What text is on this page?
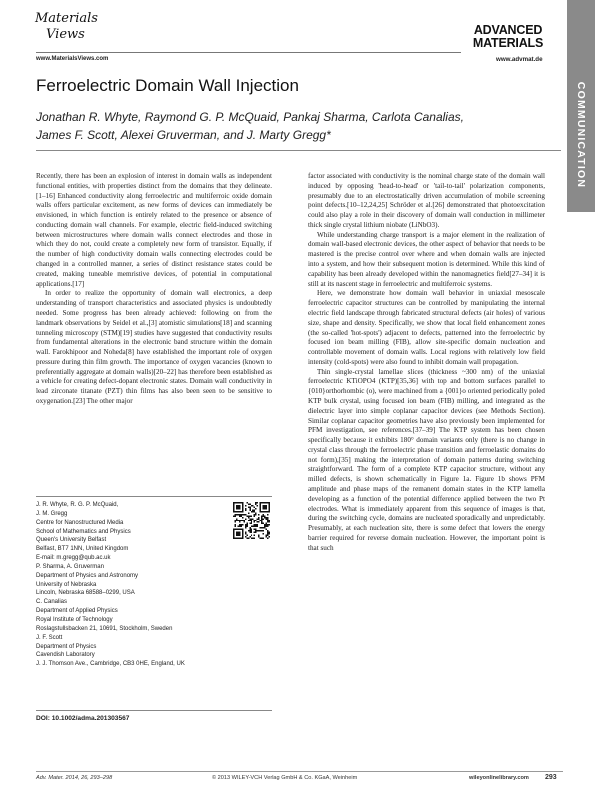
Materials
Views
www.MaterialsViews.com
ADVANCED
MATERIALS
www.advmat.de
COMMUNICATION
Ferroelectric Domain Wall Injection
Jonathan R. Whyte, Raymond G. P. McQuaid, Pankaj Sharma, Carlota Canalias,
James F. Scott, Alexei Gruverman, and J. Marty Gregg*

Recently, there has been an explosion of interest in domain walls as independent functional entities, with properties distinct from the domains that they delineate.[1–16] Enhanced conductivity along ferroelectric and multiferroic oxide domain walls offers particular excitement, as new forms of devices can immediately be envisioned, in which function is entirely related to the presence or absence of conducting domain wall channels. For example, electric field-induced switching between microstructures where domain walls connect electrodes and those in which they do not, could create a completely new form of transistor. Equally, if the number of high conductivity domain walls connecting electrodes could be changed in a controlled manner, a series of distinct resistance states could be created, making tuneable memristive devices, of potential in computational applications.[17]

In order to realize the opportunity of domain wall electronics, a deep understanding of transport characteristics and associated physics is undoubtedly needed. Some progress has been already achieved: following on from the landmark observations by Seidel et al.,[3] atomistic simulations[18] and scanning tunneling microscopy (STM)[19] studies have suggested that conductivity results from fundamental alterations in the electronic band structure within the domain wall. Farokhipoor and Noheda[8] have established the important role of oxygen pressure during thin film growth. The importance of oxygen vacancies (known to preferentially aggregate at domain walls)[20–22] has therefore been established as a vehicle for creating defect-dopant electronic states. Domain wall conductivity in lead zirconate titanate (PZT) thin films has also been seen to be sensitive to oxygenation.[23] The other major

factor associated with conductivity is the nominal charge state of the domain wall induced by opposing 'head-to-head' or 'tail-to-tail' polarization components, presumably due to an electrostatically driven accumulation of mobile screening point defects.[10–12,24,25] Schröder et al.[26] demonstrated that photoexcitation could also play a role in their discovery of domain wall conduction in millimeter thick single crystal lithium niobate (LiNbO3).

While understanding charge transport is a major element in the realization of domain wall-based electronic devices, the other aspect of behavior that needs to be mastered is the precise control over where and when domain walls are injected into a system, and how their subsequent motion is determined. While this kind of capability has been already developed within the nanomagnetics field[27–34] it is still at its nascent stage in ferroelectric and multiferroic systems.

Here, we demonstrate how domain wall behavior in uniaxial mesoscale ferroelectric capacitor structures can be controlled by manipulating the internal electric field landscape through fabricated structural defects (air holes) of various size, shape and density. Specifically, we show that local field enhancement zones (the so-called 'hot-spots') adjacent to defects, patterned into the ferroelectric by focused ion beam milling (FIB), allow site-specific domain nucleation and controllable movement of domain walls. Local regions with relatively low field intensity (cold-spots) were also found to inhibit domain wall propagation.

Thin single-crystal lamellae slices (thickness ~300 nm) of the uniaxial ferroelectric KTiOPO4 (KTP)[35,36] with top and bottom surfaces parallel to {010}orthorhombic (o), were machined from a {001}o oriented periodically poled KTP bulk crystal, using focused ion beam (FIB) milling, and integrated as the dielectric layer into simple coplanar capacitor devices (see Methods Section). Similar coplanar capacitor geometries have also previously been implemented for PFM investigation, see references.[37–39] The KTP system has been chosen specifically because it exhibits 180° domain variants only (there is no change in crystal class through the ferroelectric phase transition and ferroelastic domains do not form),[35] making the interpretation of domain patterns during switching straightforward. The form of a complete KTP capacitor structure, without any milled defects, is shown schematically in Figure 1a. Figure 1b shows PFM amplitude and phase maps of the remanent domain states in the KTP lamella developing as a function of the potential difference applied between the two Pt electrodes. What is immediately apparent from this sequence of images is that, during the switching cycle, domains are nucleated sporadically and unpredictably. Presumably, at each nucleation site, there is some defect that lowers the energy barrier required for reverse domain nucleation. However, the important point is that such

J. R. Whyte, R. G. P. McQuaid,
J. M. Gregg
Centre for Nanostructured Media
School of Mathematics and Physics
Queen's University Belfast
Belfast, BT7 1NN, United Kingdom
E-mail: m.gregg@qub.ac.uk
P. Sharma, A. Gruverman
Department of Physics and Astronomy
University of Nebraska
Lincoln, Nebraska 68588–0299, USA
C. Canalias
Department of Applied Physics
Royal Institute of Technology
Roslagstullsbacken 21, 10691, Stockholm, Sweden
J. F. Scott
Department of Physics
Cavendish Laboratory
J. J. Thomson Ave., Cambridge, CB3 0HE, England, UK
DOI: 10.1002/adma.201303567
Adv. Mater. 2014, 26, 293–298	© 2013 WILEY-VCH Verlag GmbH & Co. KGaA, Weinheim	wileyonlinelibrary.com 293
